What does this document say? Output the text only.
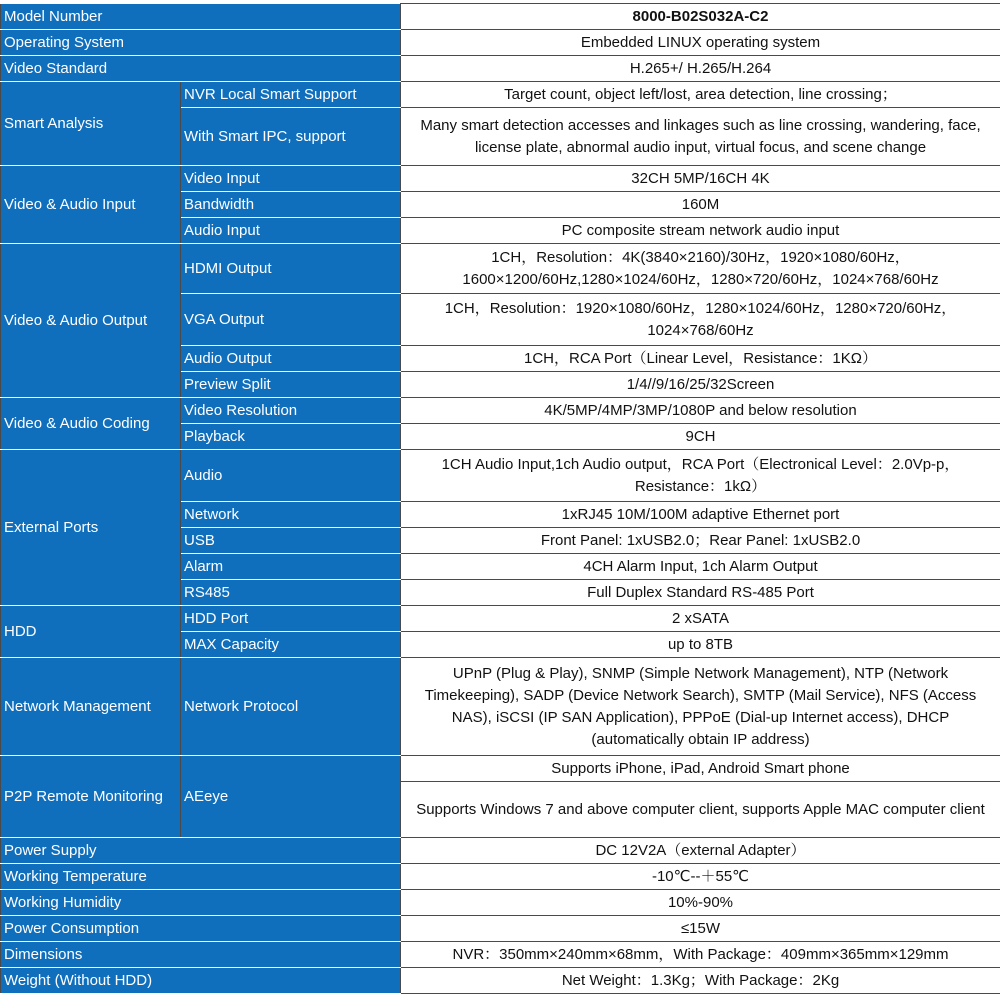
Model Number		8000-B02S032A-C2
Operating System		Embedded LINUX operating system
Video Standard		H.265+/ H.265/H.264
Smart Analysis	NVR Local Smart Support	Target count, object left/lost, area detection, line crossing；
	With Smart IPC, support	Many smart detection accesses and linkages such as line crossing, wandering, face, license plate, abnormal audio input, virtual focus, and scene change
Video & Audio Input	Video Input	32CH 5MP/16CH 4K
	Bandwidth	160M
	Audio Input	PC composite stream network audio input
Video & Audio Output	HDMI Output	1CH，Resolution：4K(3840×2160)/30Hz，1920×1080/60Hz，1600×1200/60Hz,1280×1024/60Hz，1280×720/60Hz，1024×768/60Hz
	VGA Output	1CH，Resolution：1920×1080/60Hz，1280×1024/60Hz，1280×720/60Hz，1024×768/60Hz
	Audio Output	1CH，RCA Port（Linear Level，Resistance：1KΩ）
	Preview Split	1/4//9/16/25/32Screen
Video & Audio Coding	Video Resolution	4K/5MP/4MP/3MP/1080P and below resolution
	Playback	9CH
External Ports	Audio	1CH Audio Input,1ch Audio output，RCA Port（Electronical Level：2.0Vp-p，Resistance：1kΩ）
	Network	1xRJ45 10M/100M adaptive Ethernet port
	USB	Front Panel: 1xUSB2.0；Rear Panel: 1xUSB2.0
	Alarm	4CH Alarm Input, 1ch Alarm Output
	RS485	Full Duplex Standard RS-485 Port
HDD	HDD Port	2 xSATA
	MAX Capacity	up to 8TB
Network Management	Network Protocol	UPnP (Plug & Play), SNMP (Simple Network Management), NTP (Network Timekeeping), SADP (Device Network Search), SMTP (Mail Service), NFS (Access NAS), iSCSI (IP SAN Application), PPPoE (Dial-up Internet access), DHCP (automatically obtain IP address)
P2P Remote Monitoring	AEeye	Supports iPhone, iPad, Android Smart phone
		Supports Windows 7 and above computer client, supports Apple MAC computer client
Power Supply		DC 12V2A（external Adapter）
Working Temperature		-10℃--＋55℃
Working Humidity		10%-90%
Power Consumption		≤15W
Dimensions		NVR：350mm×240mm×68mm，With Package：409mm×365mm×129mm
Weight (Without HDD)		Net Weight：1.3Kg；With Package：2Kg
